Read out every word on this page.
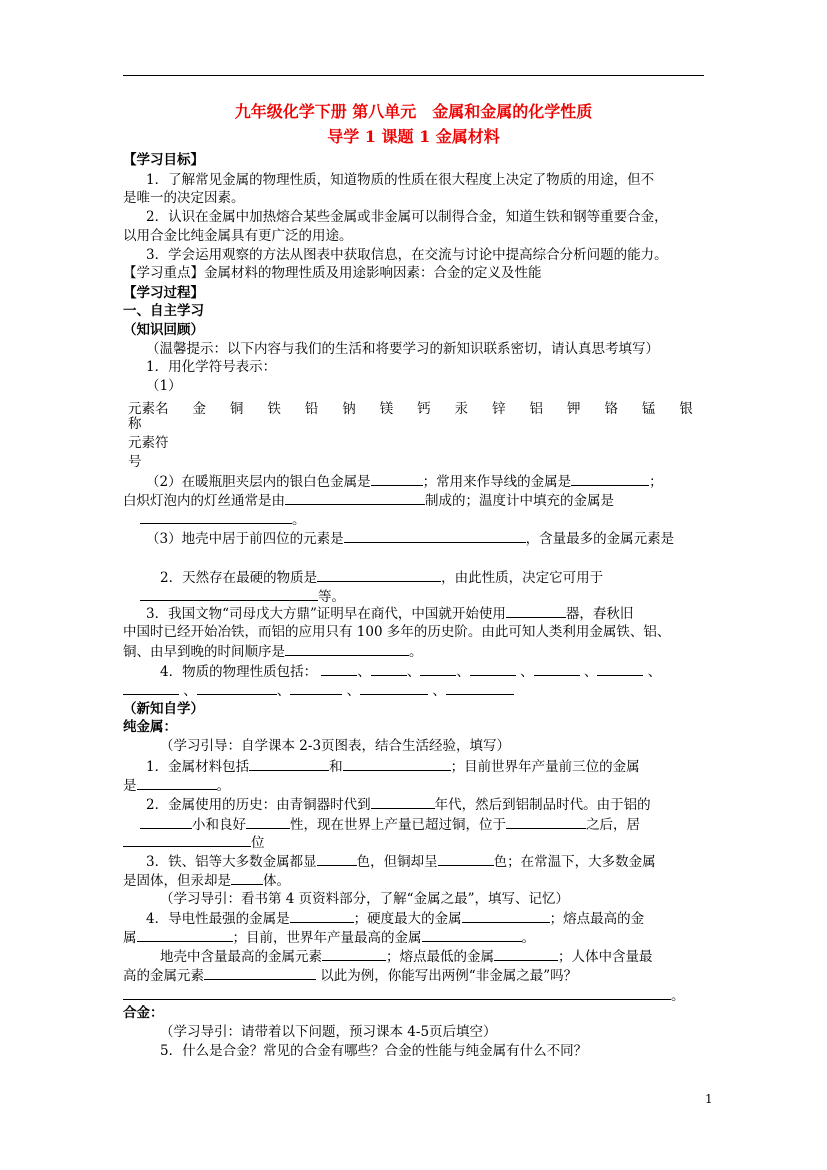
九年级化学下册 第八单元　金属和金属的化学性质
导学 1 课题 1 金属材料
【学习目标】
1．了解常见金属的物理性质，知道物质的性质在很大程度上决定了物质的用途，但不
是唯一的决定因素。
2．认识在金属中加热熔合某些金属或非金属可以制得合金，知道生铁和钢等重要合金，
以用合金比纯金属具有更广泛的用途。
3．学会运用观察的方法从图表中获取信息，在交流与讨论中提高综合分析问题的能力。
【学习重点】金属材料的物理性质及用途影响因素：合金的定义及性能
【学习过程】
一、自主学习
（知识回顾）
（温馨提示：以下内容与我们的生活和将要学习的新知识联系密切，请认真思考填写）
1．用化学符号表示：
（1）
元素名 金 铜 铁 铅 钠 镁 钙 汞 锌 铝 钾 铬 锰 银
称
元素符
号
（2）在暖瓶胆夹层内的银白色金属是	；常用来作导线的金属是	；
白炽灯泡内的灯丝通常是由	制成的；温度计中填充的金属是
。
（3）地壳中居于前四位的元素是	，含量最多的金属元素是
2．天然存在最硬的物质是	，由此性质，决定它可用于
等。
3．我国文物“司母戊大方鼎”证明早在商代，中国就开始使用	器，春秋旧
中国时已经开始冶铁，而铝的应用只有 100 多年的历史阶。由此可知人类利用金属铁、铝、
铜、由早到晚的时间顺序是	。
4．物质的物理性质包括：	、	、	、	、	、	、
、	、	、	、
（新知自学）
纯金属：
（学习引导：自学课本 2-3页图表，结合生活经验，填写）
1．金属材料包括	和	；目前世界年产量前三位的金属
是	。
2．金属使用的历史：由青铜器时代到	年代，然后到铝制品时代。由于铝的
小和良好	性，现在世界上产量已超过铜，位于	之后，居
位
3．铁、铝等大多数金属都显	色，但铜却呈	色；在常温下，大多数金属
是固体，但汞却是 体。
（学习导引：看书第 4 页资料部分，了解“金属之最”，填写、记忆）
4．导电性最强的金属是	；硬度最大的金属	；熔点最高的金
属	；目前，世界年产量最高的金属	。
地壳中含量最高的金属元素	；熔点最低的金属	；人体中含量最
高的金属元素	以此为例，你能写出两例“非金属之最”吗？
。
合金：
（学习导引：请带着以下问题，预习课本 4-5页后填空）
5．什么是合金？常见的合金有哪些？合金的性能与纯金属有什么不同？
1
